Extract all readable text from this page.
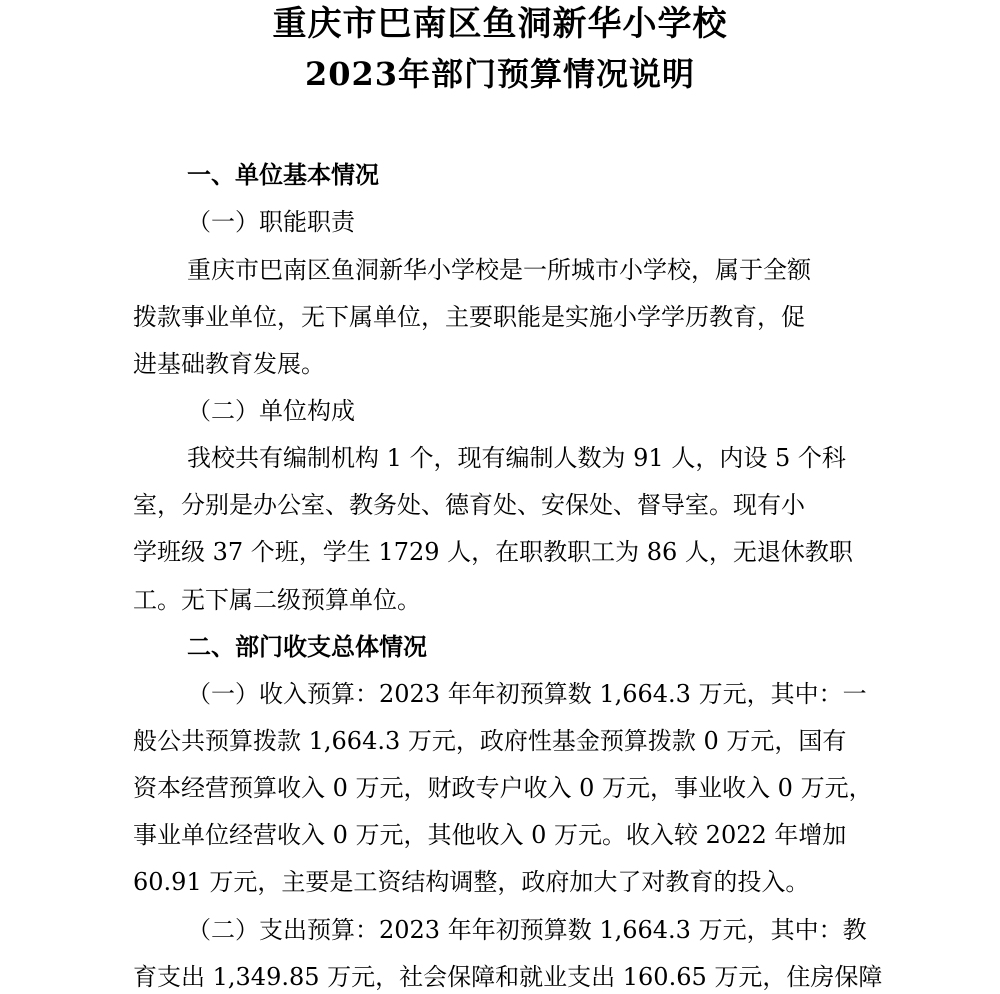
重庆市巴南区鱼洞新华小学校
2023年部门预算情况说明

一、单位基本情况

（一）职能职责

重庆市巴南区鱼洞新华小学校是一所城市小学校，属于全额

拨款事业单位，无下属单位，主要职能是实施小学学历教育，促

进基础教育发展。

（二）单位构成

我校共有编制机构 1 个，现有编制人数为 91 人，内设 5 个科

室，分别是办公室、教务处、德育处、安保处、督导室。现有小

学班级 37 个班，学生 1729 人，在职教职工为 86 人，无退休教职

工。无下属二级预算单位。

二、部门收支总体情况

（一）收入预算：2023 年年初预算数 1,664.3 万元，其中：一

般公共预算拨款 1,664.3 万元，政府性基金预算拨款 0 万元，国有

资本经营预算收入 0 万元，财政专户收入 0 万元，事业收入 0 万元，

事业单位经营收入 0 万元，其他收入 0 万元。收入较 2022 年增加

60.91 万元，主要是工资结构调整，政府加大了对教育的投入。

（二）支出预算：2023 年年初预算数 1,664.3 万元，其中：教

育支出 1,349.85 万元，社会保障和就业支出 160.65 万元，住房保障
